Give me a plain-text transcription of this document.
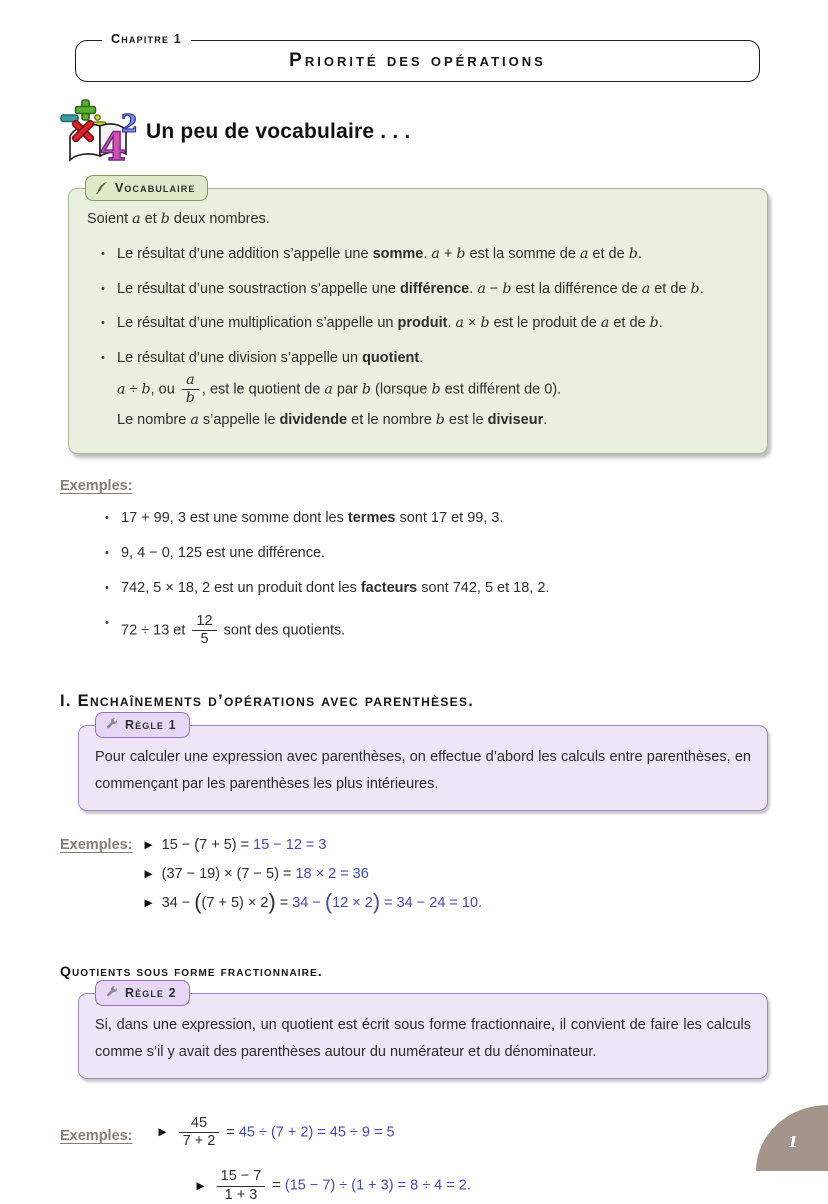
Chapitre 1
Priorité des opérations
4
2 Un peu de vocabulaire . . .
Vocabulaire

Soient a et b deux nombres.

• Le résultat d’une addition s’appelle une somme. a + b est la somme de a et de b.
• Le résultat d’une soustraction s’appelle une différence. a − b est la différence de a et de b.
• Le résultat d’une multiplication s’appelle un produit. a × b est le produit de a et de b.
• Le résultat d’une division s’appelle un quotient.
a ÷ b, ou $\frac{a}{b}$ , est le quotient de a par b (lorsque b est différent de 0).
Le nombre a s’appelle le dividende et le nombre b est le diviseur.
Exemples:
• 17 + 99, 3 est une somme dont les termes sont 17 et 99, 3.
• 9, 4 − 0, 125 est une différence.
• 742, 5 × 18, 2 est un produit dont les facteurs sont 742, 5 et 18, 2.
• 72 ÷ 13 et $\frac{12}{5}$ sont des quotients.
I. Enchaînements d’opérations avec parenthèses.
Règle 1

Pour calculer une expression avec parenthèses, on effectue d’abord les calculs entre parenthèses, en commençant par les parenthèses les plus intérieures.

Exemples: ▶ 15 − (7 + 5) = 15 − 12 = 3
▶ (37 − 19) × (7 − 5) = 18 × 2 = 36
▶ 34 − ((7 + 5) × 2) = 34 − (12 × 2) = 34 − 24 = 10.
Quotients sous forme fractionnaire.
Règle 2

Si, dans une expression, un quotient est écrit sous forme fractionnaire, il convient de faire les calculs comme s’il y avait des parenthèses autour du numérateur et du dénominateur.

Exemples: ▶ $\frac{45}{7 + 2} = 45 \div (7 + 2) = 45 \div 9 = 5$
▶ $\frac{15 - 7}{1 + 3} = (15 - 7) \div (1 + 3) = 8 \div 4 = 2$.
1
